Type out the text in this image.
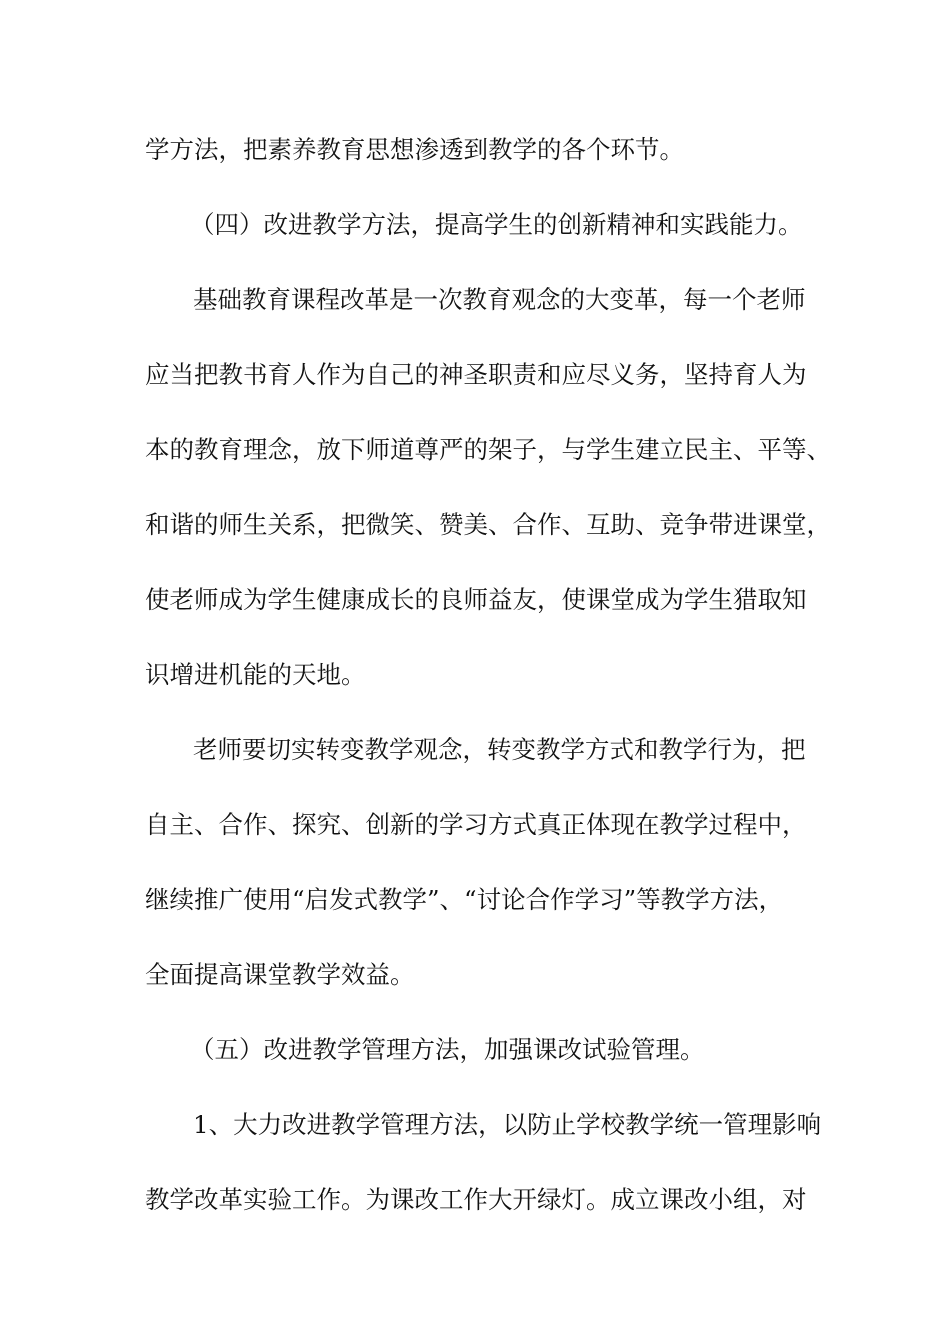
学方法，把素养教育思想渗透到教学的各个环节。
（四）改进教学方法，提高学生的创新精神和实践能力。
基础教育课程改革是一次教育观念的大变革，每一个老师
应当把教书育人作为自己的神圣职责和应尽义务，坚持育人为
本的教育理念，放下师道尊严的架子，与学生建立民主、平等、
和谐的师生关系，把微笑、赞美、合作、互助、竞争带进课堂，
使老师成为学生健康成长的良师益友，使课堂成为学生猎取知
识增进机能的天地。
老师要切实转变教学观念，转变教学方式和教学行为，把
自主、合作、探究、创新的学习方式真正体现在教学过程中，
继续推广使用“启发式教学”、“讨论合作学习”等教学方法，
全面提高课堂教学效益。
（五）改进教学管理方法，加强课改试验管理。
1、大力改进教学管理方法，以防止学校教学统一管理影响
教学改革实验工作。为课改工作大开绿灯。成立课改小组，对
